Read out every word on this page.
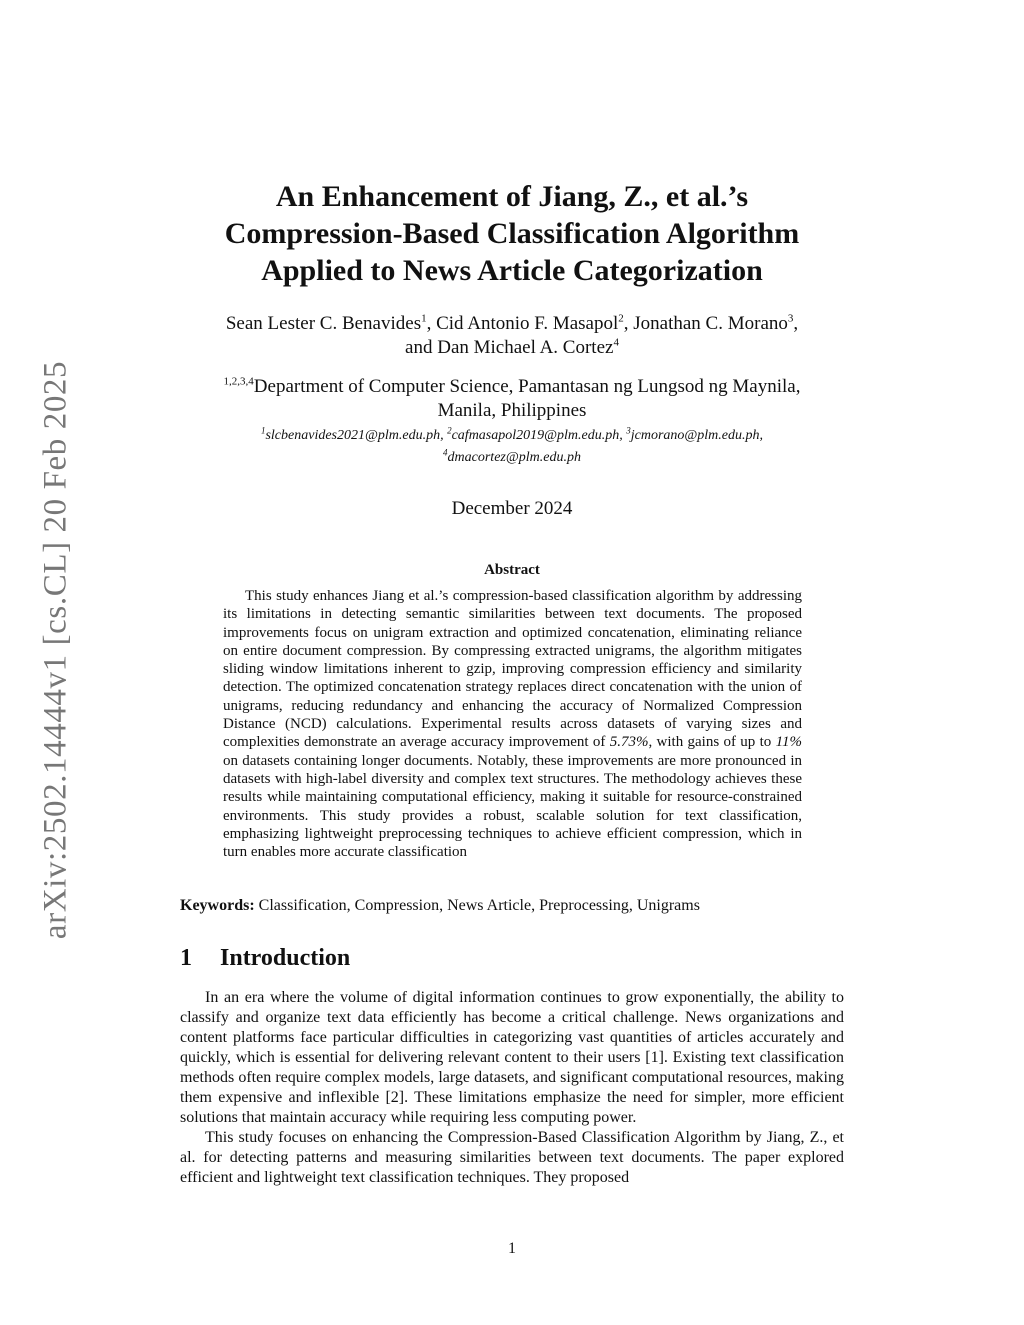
arXiv:2502.14444v1 [cs.CL] 20 Feb 2025
An Enhancement of Jiang, Z., et al.’s
Compression-Based Classification Algorithm
Applied to News Article Categorization
Sean Lester C. Benavides$^1$, Cid Antonio F. Masapol$^2$, Jonathan C. Morano$^3$,
and Dan Michael A. Cortez$^4$
$^{1,2,3,4}$Department of Computer Science, Pamantasan ng Lungsod ng Maynila,
Manila, Philippines
$^1$slcbenavides2021@plm.edu.ph, $^2$cafmasapol2019@plm.edu.ph, $^3$jcmorano@plm.edu.ph,
$^4$dmacortez@plm.edu.ph
December 2024
Abstract
This study enhances Jiang et al.’s compression-based classification algorithm by addressing its limitations in detecting semantic similarities between text documents. The proposed improvements focus on unigram extraction and optimized concatenation, eliminating reliance on entire document compression. By compressing extracted unigrams, the algorithm mitigates sliding window limitations inherent to gzip, improving compression efficiency and similarity detection. The optimized concatenation strategy replaces direct concatenation with the union of unigrams, reducing redundancy and enhancing the accuracy of Normalized Compression Distance (NCD) calculations. Experimental results across datasets of varying sizes and complexities demonstrate an average accuracy improvement of 5.73%, with gains of up to 11% on datasets containing longer documents. Notably, these improvements are more pronounced in datasets with high-label diversity and complex text structures. The methodology achieves these results while maintaining computational efficiency, making it suitable for resource-constrained environments. This study provides a robust, scalable solution for text classification, emphasizing lightweight preprocessing techniques to achieve efficient compression, which in turn enables more accurate classification
Keywords: Classification, Compression, News Article, Preprocessing, Unigrams
1 Introduction

In an era where the volume of digital information continues to grow exponentially, the ability to classify and organize text data efficiently has become a critical challenge. News organizations and content platforms face particular difficulties in categorizing vast quantities of articles accurately and quickly, which is essential for delivering relevant content to their users [1]. Existing text classification methods often require complex models, large datasets, and significant computational resources, making them expensive and inflexible [2]. These limitations emphasize the need for simpler, more efficient solutions that maintain accuracy while requiring less computing power.

This study focuses on enhancing the Compression-Based Classification Algorithm by Jiang, Z., et al. for detecting patterns and measuring similarities between text documents. The paper explored efficient and lightweight text classification techniques. They proposed

1
